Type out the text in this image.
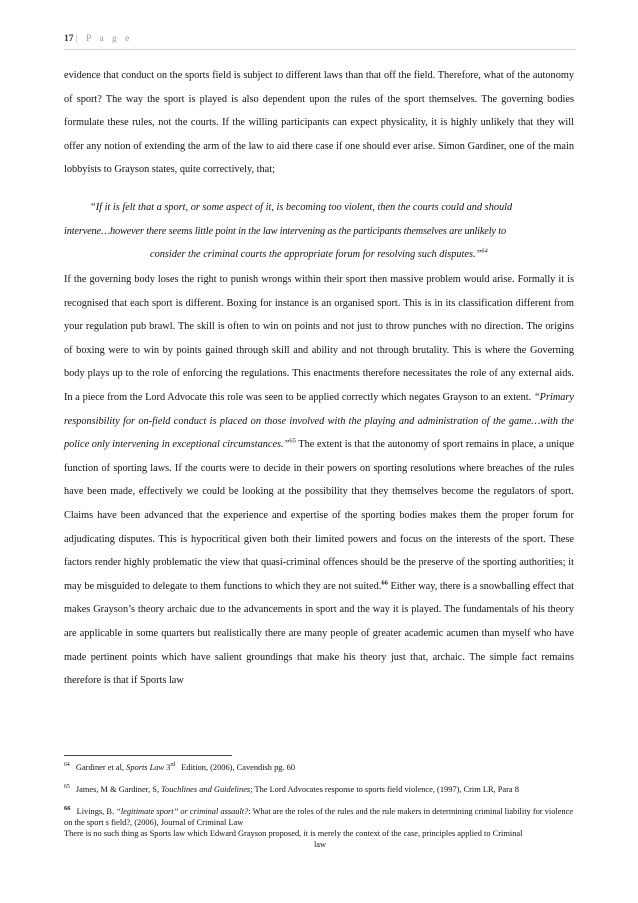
17 | P a g e

evidence that conduct on the sports field is subject to different laws than that off the field. Therefore, what of the autonomy of sport? The way the sport is played is also dependent upon the rules of the sport themselves. The governing bodies formulate these rules, not the courts. If the willing participants can expect physicality, it is highly unlikely that they will offer any notion of extending the arm of the law to aid there case if one should ever arise. Simon Gardiner, one of the main lobbyists to Grayson states, quite correctively, that;

“If it is felt that a sport, or some aspect of it, is becoming too violent, then the courts could and should
intervene…however there seems little point in the law intervening as the participants themselves are unlikely to
consider the criminal courts the appropriate forum for resolving such disputes.”$^{64}$

If the governing body loses the right to punish wrongs within their sport then massive problem would arise. Formally it is recognised that each sport is different. Boxing for instance is an organised sport. This is in its classification different from your regulation pub brawl. The skill is often to win on points and not just to throw punches with no direction. The origins of boxing were to win by points gained through skill and ability and not through brutality. This is where the Governing body plays up to the role of enforcing the regulations. This enactments therefore necessitates the role of any external aids. In a piece from the Lord Advocate this role was seen to be applied correctly which negates Grayson to an extent. “Primary responsibility for on-field conduct is placed on those involved with the playing and administration of the game…with the police only intervening in exceptional circumstances.”$^{65}$ The extent is that the autonomy of sport remains in place, a unique function of sporting laws. If the courts were to decide in their powers on sporting resolutions where breaches of the rules have been made, effectively we could be looking at the possibility that they themselves become the regulators of sport. Claims have been advanced that the experience and expertise of the sporting bodies makes them the proper forum for adjudicating disputes. This is hypocritical given both their limited powers and focus on the interests of the sport. These factors render highly problematic the view that quasi-criminal offences should be the preserve of the sporting authorities; it may be misguided to delegate to them functions to which they are not suited.$^{66}$ Either way, there is a snowballing effect that makes Grayson’s theory archaic due to the advancements in sport and the way it is played. The fundamentals of his theory are applicable in some quarters but realistically there are many people of greater academic acumen than myself who have made pertinent points which have salient groundings that make his theory just that, archaic. The simple fact remains therefore is that if Sports law

$^{64}$ Gardiner et al, Sports Law 3rd Edition, (2006), Cavendish pg. 60

$^{65}$ James, M & Gardiner, S, Touchlines and Guidelines; The Lord Advocates response to sports field violence, (1997), Crim LR, Para 8

$^{66}$ Livings, B. “legitimate sport” or criminal assault?: What are the roles of the rules and the rule makers in determining criminal liability for violence on the sport s field?, (2006), Journal of Criminal Law

There is no such thing as Sports law which Edward Grayson proposed, it is merely the context of the case, principles applied to Criminal
law
